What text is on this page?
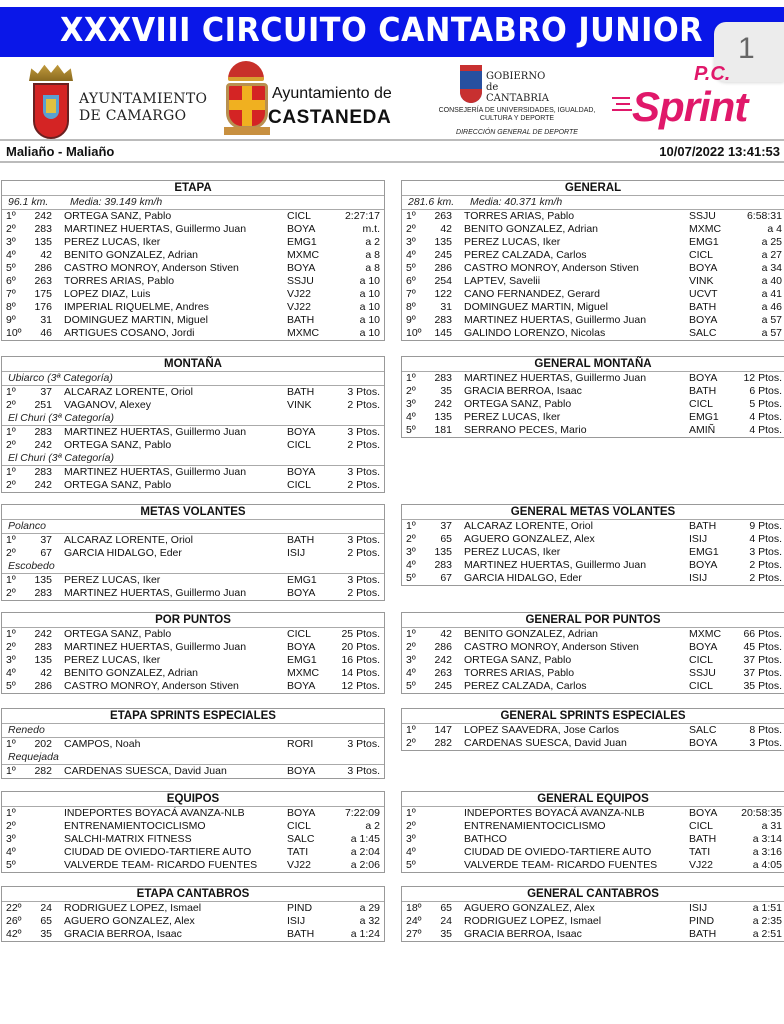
XXXVIII CIRCUITO CANTABRO JUNIOR 1
AYUNTAMIENTO
DE CAMARGO
Ayuntamiento de
CASTANEDA
GOBIERNO
de
CANTABRIA
CONSEJERÍA DE UNIVERSIDADES, IGUALDAD,
CULTURA Y DEPORTE
DIRECCIÓN GENERAL DE DEPORTE
P.C.
Sprint
Maliaño - Maliaño	10/07/2022 13:41:53
ETAPA
96.1 km. Media: 39.149 km/h
1º	242 ORTEGA SANZ, Pablo	CICL	2:27:17
2º	283 MARTINEZ HUERTAS, Guillermo Juan	BOYA	m.t.
3º	135 PEREZ LUCAS, Iker	EMG1	a 2
4º	42 BENITO GONZALEZ, Adrian	MXMC	a 8
5º	286 CASTRO MONROY, Anderson Stiven	BOYA	a 8
6º	263 TORRES ARIAS, Pablo	SSJU	a 10
7º	175 LOPEZ DIAZ, Luis	VJ22	a 10
8º	176 IMPERIAL RIQUELME, Andres	VJ22	a 10
9º	31 DOMINGUEZ MARTIN, Miguel	BATH	a 10
10º	46 ARTIGUES COSANO, Jordi	MXMC	a 10
GENERAL
281.6 km. Media: 40.371 km/h
1º	263 TORRES ARIAS, Pablo	SSJU	6:58:31
2º	42 BENITO GONZALEZ, Adrian	MXMC	a 4
3º	135 PEREZ LUCAS, Iker	EMG1	a 25
4º	245 PEREZ CALZADA, Carlos	CICL	a 27
5º	286 CASTRO MONROY, Anderson Stiven	BOYA	a 34
6º	254 LAPTEV, Savelii	VINK	a 40
7º	122 CANO FERNANDEZ, Gerard	UCVT	a 41
8º	31 DOMINGUEZ MARTIN, Miguel	BATH	a 46
9º	283 MARTINEZ HUERTAS, Guillermo Juan	BOYA	a 57
10º	145 GALINDO LORENZO, Nicolas	SALC	a 57
MONTAÑA
Ubiarco (3ª Categoría)
1º	37 ALCARAZ LORENTE, Oriol	BATH	3 Ptos.
2º	251 VAGANOV, Alexey	VINK	2 Ptos.
El Churi (3ª Categoría)
1º	283 MARTINEZ HUERTAS, Guillermo Juan	BOYA	3 Ptos.
2º	242 ORTEGA SANZ, Pablo	CICL	2 Ptos.
El Churi (3ª Categoría)
1º	283 MARTINEZ HUERTAS, Guillermo Juan	BOYA	3 Ptos.
2º	242 ORTEGA SANZ, Pablo	CICL	2 Ptos.
GENERAL MONTAÑA
1º	283 MARTINEZ HUERTAS, Guillermo Juan	BOYA 12 Ptos.
2º	35 GRACIA BERROA, Isaac	BATH	6 Ptos.
3º	242 ORTEGA SANZ, Pablo	CICL	5 Ptos.
4º	135 PEREZ LUCAS, Iker	EMG1	4 Ptos.
5º	181 SERRANO PECES, Mario	AMIÑ	4 Ptos.
METAS VOLANTES
Polanco
1º	37 ALCARAZ LORENTE, Oriol	BATH	3 Ptos.
2º	67 GARCIA HIDALGO, Eder	ISIJ	2 Ptos.
Escobedo
1º	135 PEREZ LUCAS, Iker	EMG1	3 Ptos.
2º	283 MARTINEZ HUERTAS, Guillermo Juan	BOYA	2 Ptos.
GENERAL METAS VOLANTES
1º	37 ALCARAZ LORENTE, Oriol	BATH	9 Ptos.
2º	65 AGUERO GONZALEZ, Alex	ISIJ	4 Ptos.
3º	135 PEREZ LUCAS, Iker	EMG1	3 Ptos.
4º	283 MARTINEZ HUERTAS, Guillermo Juan	BOYA	2 Ptos.
5º	67 GARCIA HIDALGO, Eder	ISIJ	2 Ptos.
POR PUNTOS
1º	242 ORTEGA SANZ, Pablo	CICL	25 Ptos.
2º	283 MARTINEZ HUERTAS, Guillermo Juan	BOYA 20 Ptos.
3º	135 PEREZ LUCAS, Iker	EMG1 16 Ptos.
4º	42 BENITO GONZALEZ, Adrian	MXMC 14 Ptos.
5º	286 CASTRO MONROY, Anderson Stiven	BOYA 12 Ptos.
GENERAL POR PUNTOS
1º	42 BENITO GONZALEZ, Adrian	MXMC 66 Ptos.
2º	286 CASTRO MONROY, Anderson Stiven	BOYA 45 Ptos.
3º	242 ORTEGA SANZ, Pablo	CICL	37 Ptos.
4º	263 TORRES ARIAS, Pablo	SSJU	37 Ptos.
5º	245 PEREZ CALZADA, Carlos	CICL	35 Ptos.
ETAPA SPRINTS ESPECIALES
Renedo
1º	202 CAMPOS, Noah	RORI	3 Ptos.
Requejada
1º	282 CARDENAS SUESCA, David Juan	BOYA	3 Ptos.
GENERAL SPRINTS ESPECIALES
1º	147 LOPEZ SAAVEDRA, Jose Carlos	SALC	8 Ptos.
2º	282 CARDENAS SUESCA, David Juan	BOYA	3 Ptos.
EQUIPOS
1º	INDEPORTES BOYACÁ AVANZA-NLB	BOYA	7:22:09
2º	ENTRENAMIENTOCICLISMO	CICL	a 2
3º	SALCHI-MATRIX FITNESS	SALC	a 1:45
4º	CIUDAD DE OVIEDO-TARTIERE AUTO	TATI	a 2:04
5º	VALVERDE TEAM- RICARDO FUENTES	VJ22	a 2:06
GENERAL EQUIPOS
1º	INDEPORTES BOYACÁ AVANZA-NLB	BOYA 20:58:35
2º	ENTRENAMIENTOCICLISMO	CICL	a 31
3º	BATHCO	BATH	a 3:14
4º	CIUDAD DE OVIEDO-TARTIERE AUTO	TATI	a 3:16
5º	VALVERDE TEAM- RICARDO FUENTES	VJ22	a 4:05
ETAPA CANTABROS
22º	24 RODRIGUEZ LOPEZ, Ismael	PIND	a 29
26º	65 AGUERO GONZALEZ, Alex	ISIJ	a 32
42º	35 GRACIA BERROA, Isaac	BATH	a 1:24
GENERAL CANTABROS
18º	65 AGUERO GONZALEZ, Alex	ISIJ	a 1:51
24º	24 RODRIGUEZ LOPEZ, Ismael	PIND	a 2:35
27º	35 GRACIA BERROA, Isaac	BATH	a 2:51
